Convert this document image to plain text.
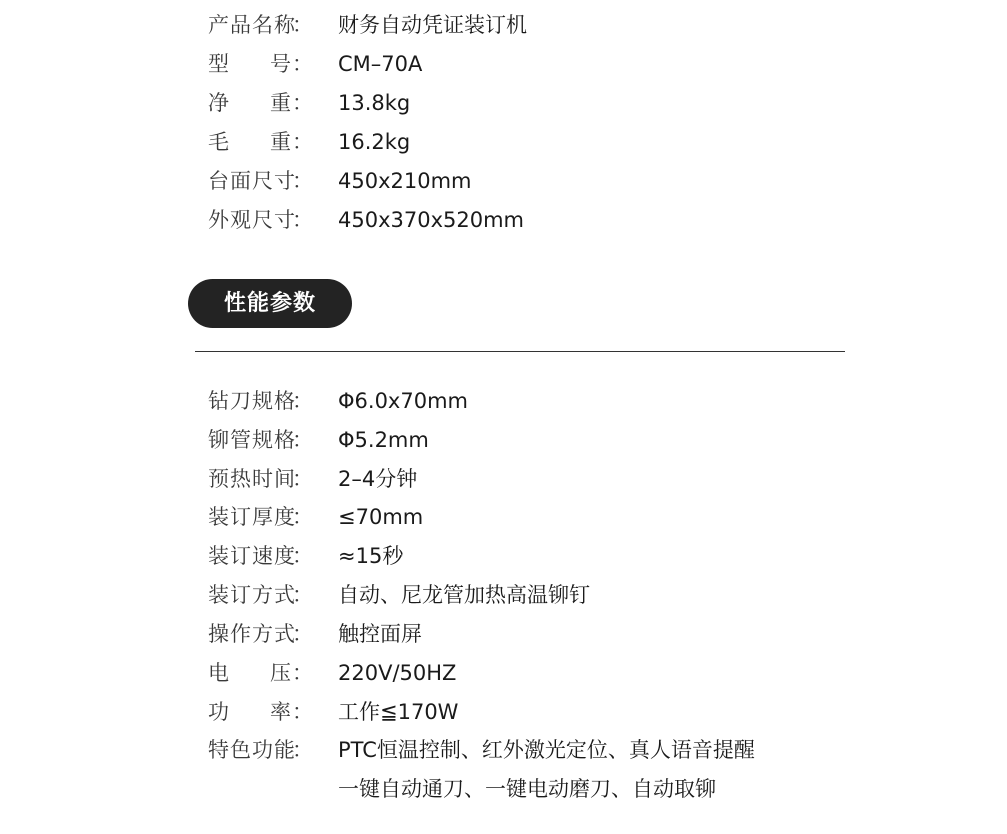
产品名称
： 财务自动凭证装订机
型 号 ： CM–70A
净 重 ： 13.8kg
毛 重 ： 16.2kg
台面尺寸
： 450x210mm
外观尺寸
： 450x370x520mm
性能参数
钻刀规格
： Φ6.0x70mm
铆管规格
： Φ5.2mm
预热时间
： 2–4分钟
装订厚度
： ≤70mm
装订速度
： ≈15秒
装订方式
： 自动、尼龙管加热高温铆钉
操作方式
： 触控面屏
电 压 ： 220V/50HZ
功 率 ： 工作≦170W
特色功能
： PTC恒温控制、红外激光定位、真人语音提醒
一键自动通刀、一键电动磨刀、自动取铆
